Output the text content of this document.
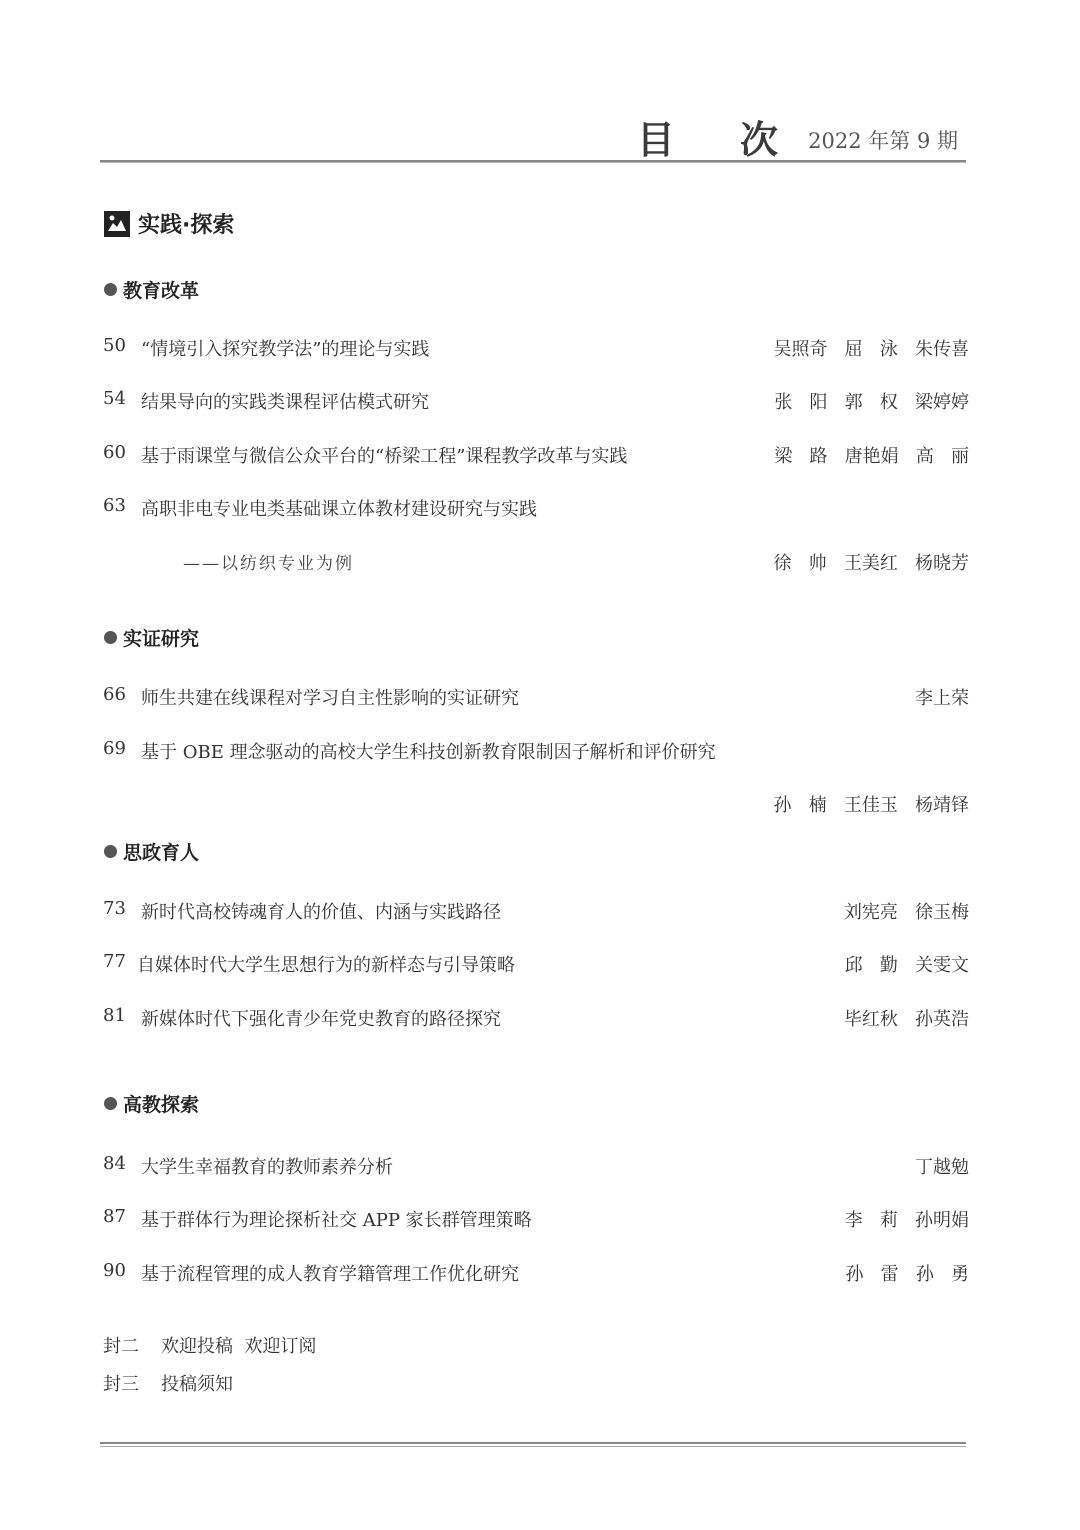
目 次 2022 年第 9 期
实践·探索
教育改革
50 “情境引入探究教学法”的理论与实践	吴照奇   屈   泳   朱传喜
54 结果导向的实践类课程评估模式研究	张   阳   郭   权   梁婷婷
60 基于雨课堂与微信公众平台的“桥梁工程”课程教学改革与实践	梁   路   唐艳娟   高   丽
63 高职非电专业电类基础课立体教材建设研究与实践
——以纺织专业为例	徐   帅   王美红   杨晓芳
实证研究
66 师生共建在线课程对学习自主性影响的实证研究	李上荣
69 基于 OBE 理念驱动的高校大学生科技创新教育限制因子解析和评价研究
孙   楠   王佳玉   杨靖铎
思政育人
73 新时代高校铸魂育人的价值、内涵与实践路径	刘宪亮   徐玉梅
77 自媒体时代大学生思想行为的新样态与引导策略	邱   勤   关雯文
81 新媒体时代下强化青少年党史教育的路径探究	毕红秋   孙英浩
高教探索
84 大学生幸福教育的教师素养分析	丁越勉
87 基于群体行为理论探析社交 APP 家长群管理策略	李   莉   孙明娟
90 基于流程管理的成人教育学籍管理工作优化研究	孙   雷   孙   勇
封二 欢迎投稿  欢迎订阅
封三 投稿须知
